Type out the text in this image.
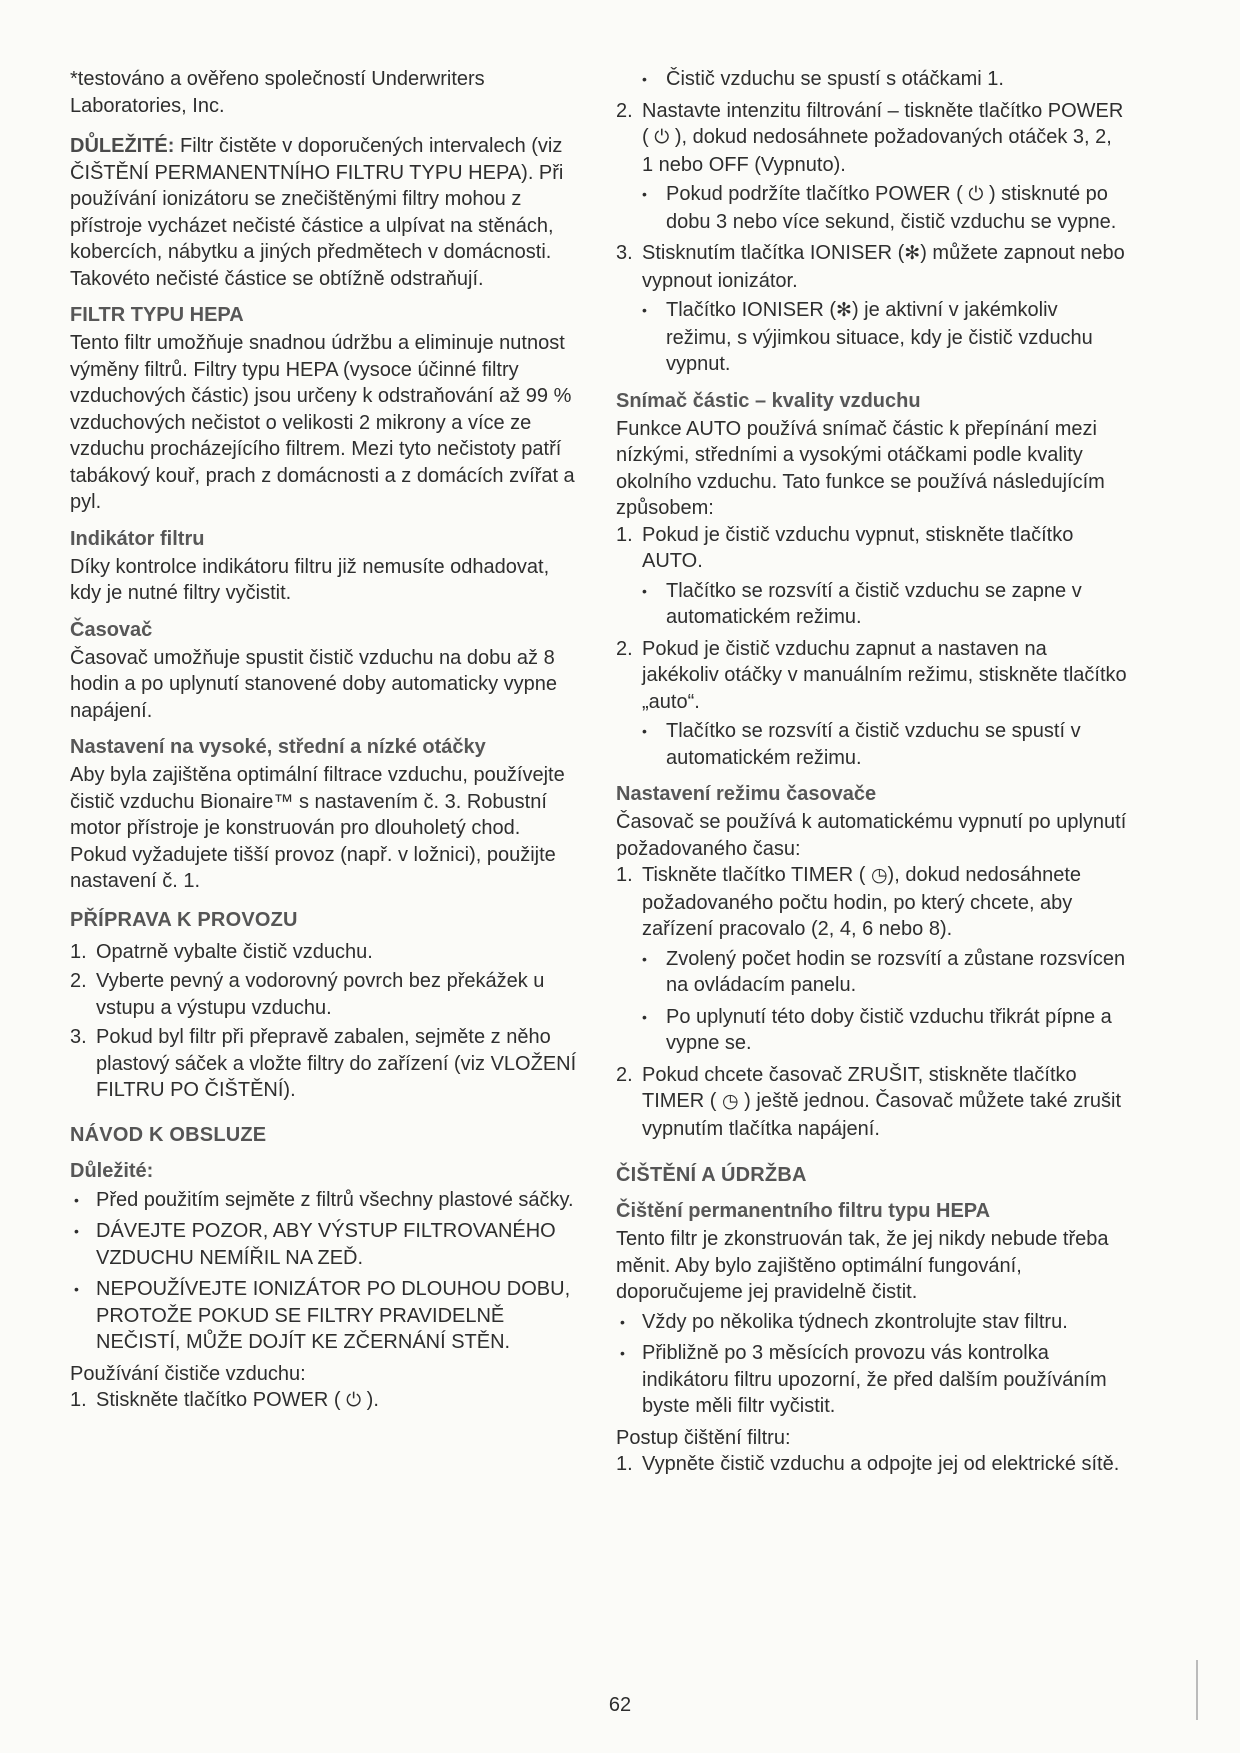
*testováno a ověřeno společností Underwriters Laboratories, Inc.

DŮLEŽITÉ: Filtr čistěte v doporučených intervalech (viz ČIŠTĚNÍ PERMANENTNÍHO FILTRU TYPU HEPA). Při používání ionizátoru se znečištěnými filtry mohou z přístroje vycházet nečisté částice a ulpívat na stěnách, kobercích, nábytku a jiných předmětech v domácnosti. Takovéto nečisté částice se obtížně odstraňují.

FILTR TYPU HEPA

Tento filtr umožňuje snadnou údržbu a eliminuje nutnost výměny filtrů. Filtry typu HEPA (vysoce účinné filtry vzduchových částic) jsou určeny k odstraňování až 99 % vzduchových nečistot o velikosti 2 mikrony a více ze vzduchu procházejícího filtrem. Mezi tyto nečistoty patří tabákový kouř, prach z domácnosti a z domácích zvířat a pyl.

Indikátor filtru

Díky kontrolce indikátoru filtru již nemusíte odhadovat, kdy je nutné filtry vyčistit.

Časovač

Časovač umožňuje spustit čistič vzduchu na dobu až 8 hodin a po uplynutí stanovené doby automaticky vypne napájení.

Nastavení na vysoké, střední a nízké otáčky

Aby byla zajištěna optimální filtrace vzduchu, používejte čistič vzduchu Bionaire™ s nastavením č. 3. Robustní motor přístroje je konstruován pro dlouholetý chod. Pokud vyžadujete tišší provoz (např. v ložnici), použijte nastavení č. 1.

PŘÍPRAVA K PROVOZU
1. Opatrně vybalte čistič vzduchu.
2. Vyberte pevný a vodorovný povrch bez překážek u vstupu a výstupu vzduchu.
3. Pokud byl filtr při přepravě zabalen, sejměte z něho plastový sáček a vložte filtry do zařízení (viz VLOŽENÍ FILTRU PO ČIŠTĚNÍ).
NÁVOD K OBSLUZE
Důležité:
• Před použitím sejměte z filtrů všechny plastové sáčky.
• DÁVEJTE POZOR, ABY VÝSTUP FILTROVANÉHO VZDUCHU NEMÍŘIL NA ZEĎ.
• NEPOUŽÍVEJTE IONIZÁTOR PO DLOUHOU DOBU, PROTOŽE POKUD SE FILTRY PRAVIDELNĚ NEČISTÍ, MŮŽE DOJÍT KE ZČERNÁNÍ STĚN.

Používání čističe vzduchu:

1. Stiskněte tlačítko POWER ( ⏻ ).
• Čistič vzduchu se spustí s otáčkami 1.
2. Nastavte intenzitu filtrování – tiskněte tlačítko POWER ( ⏻ ), dokud nedosáhnete požadovaných otáček 3, 2, 1 nebo OFF (Vypnuto).
• Pokud podržíte tlačítko POWER ( ⏻ ) stisknuté po dobu 3 nebo více sekund, čistič vzduchu se vypne.
3. Stisknutím tlačítka IONISER (✻) můžete zapnout nebo vypnout ionizátor.
• Tlačítko IONISER (✻) je aktivní v jakémkoliv režimu, s výjimkou situace, kdy je čistič vzduchu vypnut.
Snímač částic – kvality vzduchu

Funkce AUTO používá snímač částic k přepínání mezi nízkými, středními a vysokými otáčkami podle kvality okolního vzduchu. Tato funkce se používá následujícím způsobem:

1. Pokud je čistič vzduchu vypnut, stiskněte tlačítko AUTO.
• Tlačítko se rozsvítí a čistič vzduchu se zapne v automatickém režimu.
2. Pokud je čistič vzduchu zapnut a nastaven na jakékoliv otáčky v manuálním režimu, stiskněte tlačítko „auto“.
• Tlačítko se rozsvítí a čistič vzduchu se spustí v automatickém režimu.
Nastavení režimu časovače

Časovač se používá k automatickému vypnutí po uplynutí požadovaného času:

1. Tiskněte tlačítko TIMER ( ◷), dokud nedosáhnete požadovaného počtu hodin, po který chcete, aby zařízení pracovalo (2, 4, 6 nebo 8).
• Zvolený počet hodin se rozsvítí a zůstane rozsvícen na ovládacím panelu.
• Po uplynutí této doby čistič vzduchu třikrát pípne a vypne se.
2. Pokud chcete časovač ZRUŠIT, stiskněte tlačítko TIMER ( ◷ ) ještě jednou. Časovač můžete také zrušit vypnutím tlačítka napájení.
ČIŠTĚNÍ A ÚDRŽBA
Čištění permanentního filtru typu HEPA

Tento filtr je zkonstruován tak, že jej nikdy nebude třeba měnit. Aby bylo zajištěno optimální fungování, doporučujeme jej pravidelně čistit.

• Vždy po několika týdnech zkontrolujte stav filtru.
• Přibližně po 3 měsících provozu vás kontrolka indikátoru filtru upozorní, že před dalším používáním byste měli filtr vyčistit.

Postup čištění filtru:

1. Vypněte čistič vzduchu a odpojte jej od elektrické sítě.
62
